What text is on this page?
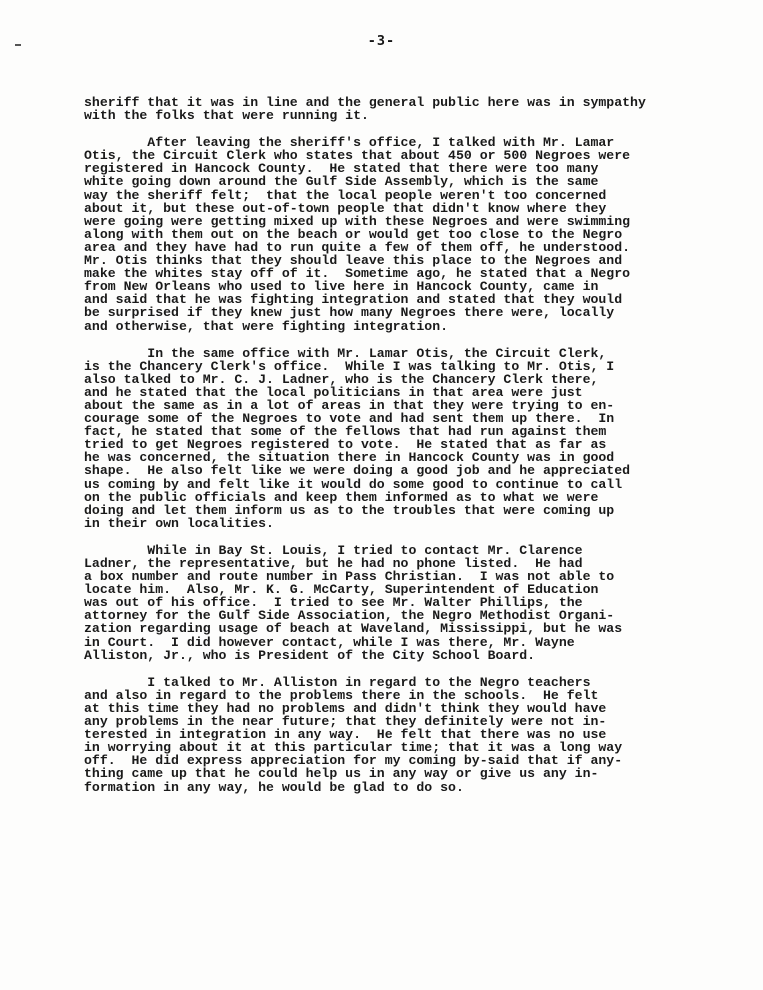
-3-
sheriff that it was in line and the general public here was in sympathy
with the folks that were running it.
After leaving the sheriff's office, I talked with Mr. Lamar
Otis, the Circuit Clerk who states that about 450 or 500 Negroes were
registered in Hancock County.  He stated that there were too many
white going down around the Gulf Side Assembly, which is the same
way the sheriff felt;  that the local people weren't too concerned
about it, but these out-of-town people that didn't know where they
were going were getting mixed up with these Negroes and were swimming
along with them out on the beach or would get too close to the Negro
area and they have had to run quite a few of them off, he understood.
Mr. Otis thinks that they should leave this place to the Negroes and
make the whites stay off of it.  Sometime ago, he stated that a Negro
from New Orleans who used to live here in Hancock County, came in
and said that he was fighting integration and stated that they would
be surprised if they knew just how many Negroes there were, locally
and otherwise, that were fighting integration.
In the same office with Mr. Lamar Otis, the Circuit Clerk,
is the Chancery Clerk's office.  While I was talking to Mr. Otis, I
also talked to Mr. C. J. Ladner, who is the Chancery Clerk there,
and he stated that the local politicians in that area were just
about the same as in a lot of areas in that they were trying to en-
courage some of the Negroes to vote and had sent them up there.  In
fact, he stated that some of the fellows that had run against them
tried to get Negroes registered to vote.  He stated that as far as
he was concerned, the situation there in Hancock County was in good
shape.  He also felt like we were doing a good job and he appreciated
us coming by and felt like it would do some good to continue to call
on the public officials and keep them informed as to what we were
doing and let them inform us as to the troubles that were coming up
in their own localities.
While in Bay St. Louis, I tried to contact Mr. Clarence
Ladner, the representative, but he had no phone listed.  He had
a box number and route number in Pass Christian.  I was not able to
locate him.  Also, Mr. K. G. McCarty, Superintendent of Education
was out of his office.  I tried to see Mr. Walter Phillips, the
attorney for the Gulf Side Association, the Negro Methodist Organi-
zation regarding usage of beach at Waveland, Mississippi, but he was
in Court.  I did however contact, while I was there, Mr. Wayne
Alliston, Jr., who is President of the City School Board.
I talked to Mr. Alliston in regard to the Negro teachers
and also in regard to the problems there in the schools.  He felt
at this time they had no problems and didn't think they would have
any problems in the near future; that they definitely were not in-
terested in integration in any way.  He felt that there was no use
in worrying about it at this particular time; that it was a long way
off.  He did express appreciation for my coming by-said that if any-
thing came up that he could help us in any way or give us any in-
formation in any way, he would be glad to do so.
